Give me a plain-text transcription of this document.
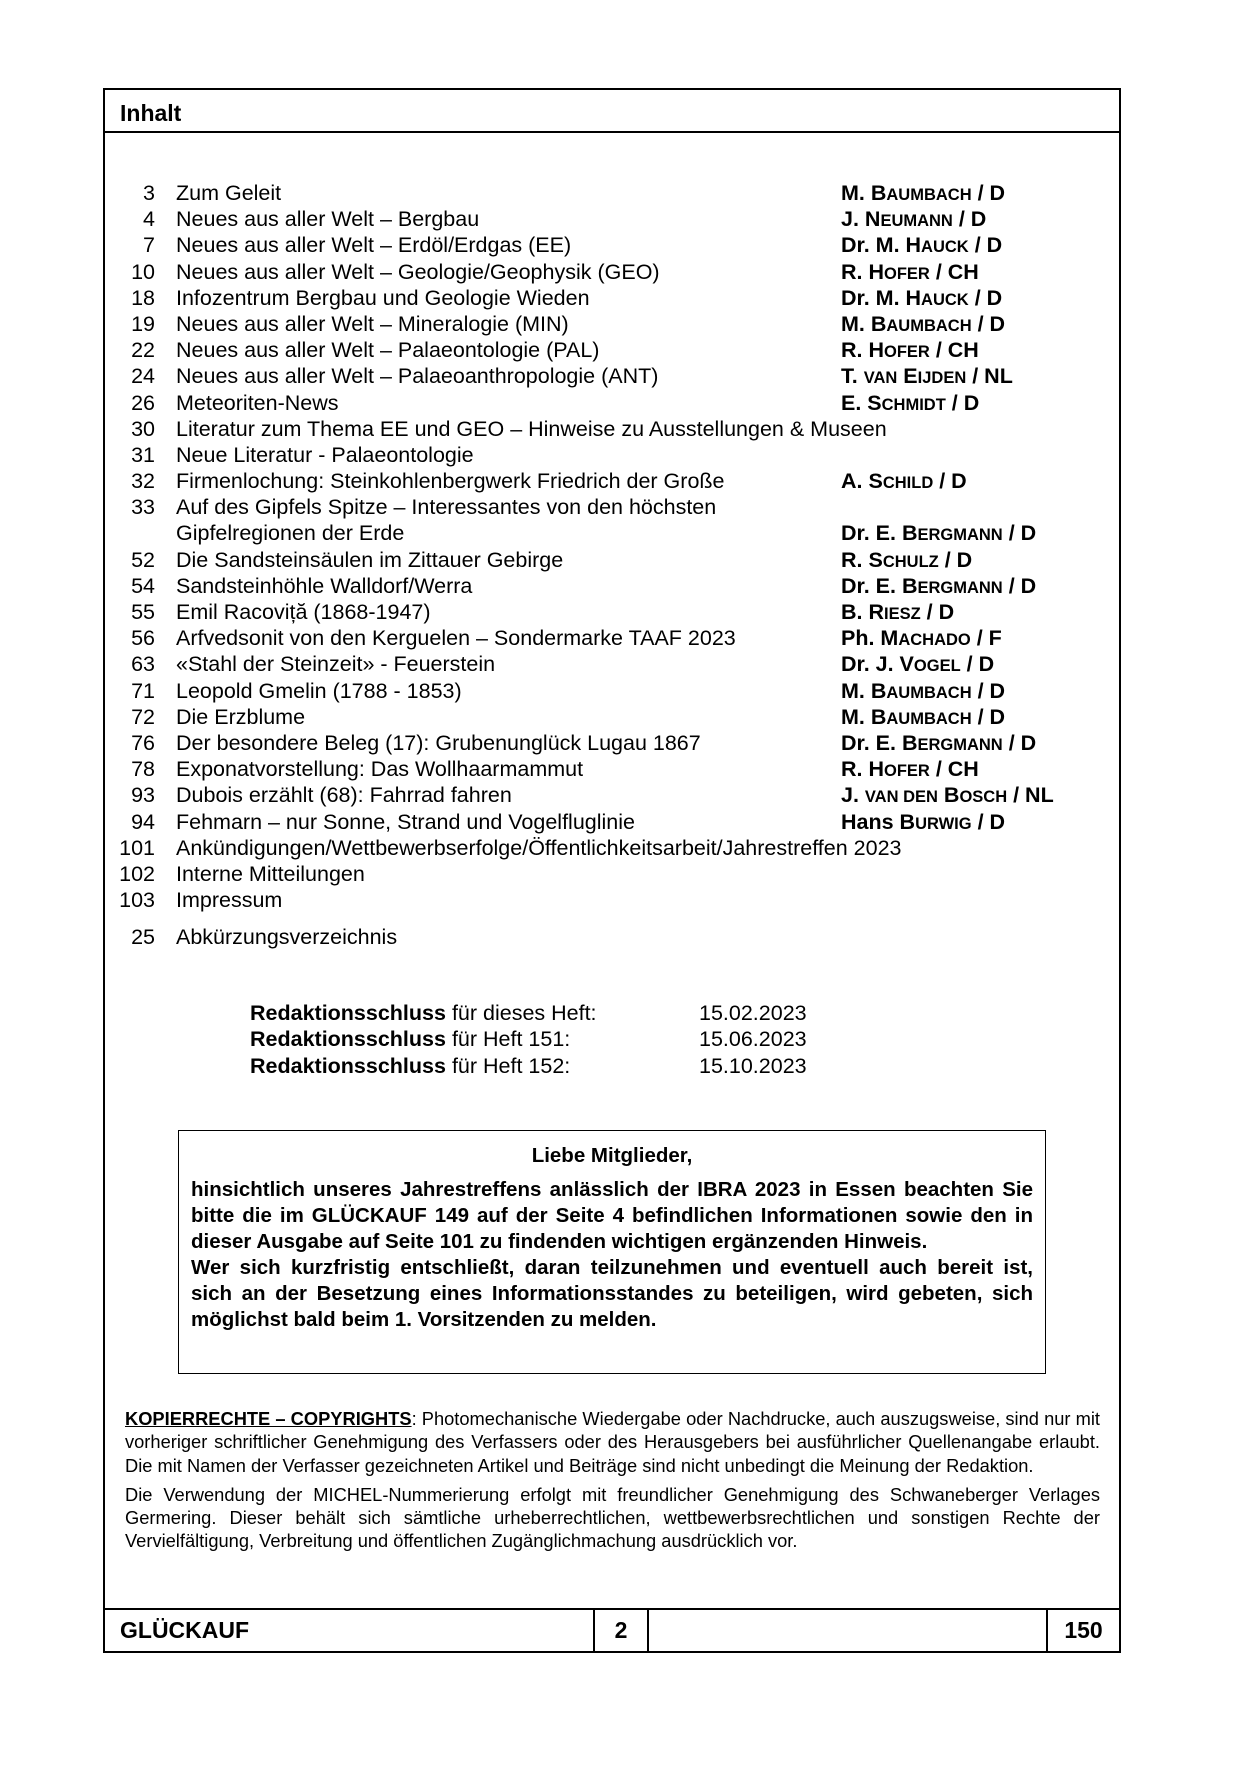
Inhalt
3 Zum Geleit	M. BAUMBACH / D
4 Neues aus aller Welt – Bergbau	J. NEUMANN / D
7 Neues aus aller Welt – Erdöl/Erdgas (EE)	Dr. M. HAUCK / D
10 Neues aus aller Welt – Geologie/Geophysik (GEO)	R. HOFER / CH
18 Infozentrum Bergbau und Geologie Wieden	Dr. M. HAUCK / D
19 Neues aus aller Welt – Mineralogie (MIN)	M. BAUMBACH / D
22 Neues aus aller Welt – Palaeontologie (PAL)	R. HOFER / CH
24 Neues aus aller Welt – Palaeoanthropologie (ANT)	T. VAN EIJDEN / NL
26 Meteoriten-News	E. SCHMIDT / D
30 Literatur zum Thema EE und GEO – Hinweise zu Ausstellungen & Museen
31 Neue Literatur - Palaeontologie
32 Firmenlochung: Steinkohlenbergwerk Friedrich der Große	A. SCHILD / D
33 Auf des Gipfels Spitze – Interessantes von den höchsten
Gipfelregionen der Erde	Dr. E. BERGMANN / D
52 Die Sandsteinsäulen im Zittauer Gebirge	R. SCHULZ / D
54 Sandsteinhöhle Walldorf/Werra	Dr. E. BERGMANN / D
55 Emil Racoviță (1868-1947)	B. RIESZ / D
56 Arfvedsonit von den Kerguelen – Sondermarke TAAF 2023	Ph. MACHADO / F
63 «Stahl der Steinzeit» - Feuerstein	Dr. J. VOGEL / D
71 Leopold Gmelin (1788 - 1853)	M. BAUMBACH / D
72 Die Erzblume	M. BAUMBACH / D
76 Der besondere Beleg (17): Grubenunglück Lugau 1867	Dr. E. BERGMANN / D
78 Exponatvorstellung: Das Wollhaarmammut	R. HOFER / CH
93 Dubois erzählt (68): Fahrrad fahren	J. VAN DEN BOSCH / NL
94 Fehmarn – nur Sonne, Strand und Vogelfluglinie	Hans BURWIG / D
101 Ankündigungen/Wettbewerbserfolge/Öffentlichkeitsarbeit/Jahrestreffen 2023
102 Interne Mitteilungen
103 Impressum
25 Abkürzungsverzeichnis
Redaktionsschluss für dieses Heft:	15.02.2023
Redaktionsschluss für Heft 151:	15.06.2023
Redaktionsschluss für Heft 152:	15.10.2023
Liebe Mitglieder,
hinsichtlich unseres Jahrestreffens anlässlich der IBRA 2023 in Essen beachten Sie bitte die im GLÜCKAUF 149 auf der Seite 4 befindlichen Informationen sowie den in dieser Ausgabe auf Seite 101 zu findenden wichtigen ergänzenden Hinweis.
Wer sich kurzfristig entschließt, daran teilzunehmen und eventuell auch bereit ist, sich an der Besetzung eines Informationsstandes zu beteiligen, wird gebeten, sich möglichst bald beim 1. Vorsitzenden zu melden.

KOPIERRECHTE – COPYRIGHTS: Photomechanische Wiedergabe oder Nachdrucke, auch auszugsweise, sind nur mit vorheriger schriftlicher Genehmigung des Verfassers oder des Herausgebers bei ausführlicher Quellenangabe erlaubt. Die mit Namen der Verfasser gezeichneten Artikel und Beiträge sind nicht unbedingt die Meinung der Redaktion.

Die Verwendung der MICHEL-Nummerierung erfolgt mit freundlicher Genehmigung des Schwaneberger Verlages Germering. Dieser behält sich sämtliche urheberrechtlichen, wettbewerbsrechtlichen und sonstigen Rechte der Vervielfältigung, Verbreitung und öffentlichen Zugänglichmachung ausdrücklich vor.

GLÜCKAUF	2	150
